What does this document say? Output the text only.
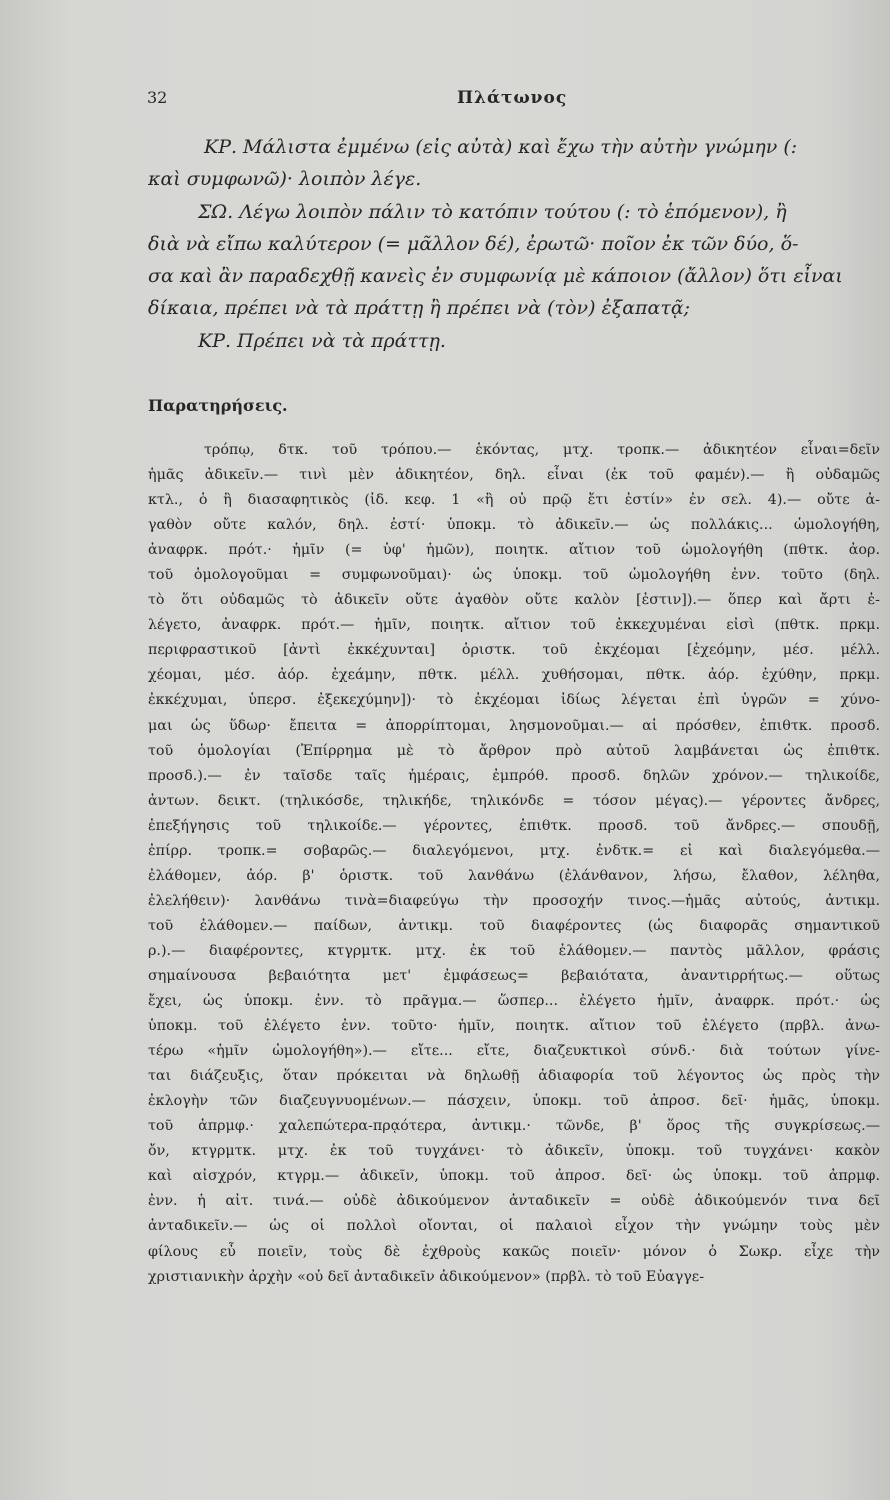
32	Πλάτωνος
ΚΡ. Μάλιστα ἐμμένω (εἰς αὐτὰ) καὶ ἔχω τὴν αὐτὴν γνώμην (:
καὶ συμφωνῶ)· λοιπὸν λέγε.
ΣΩ. Λέγω λοιπὸν πάλιν τὸ κατόπιν τούτου (: τὸ ἑπόμενον), ἢ
διὰ νὰ εἴπω καλύτερον (= μᾶλλον δέ), ἐρωτῶ· ποῖον ἐκ τῶν δύο, ὅ-
σα καὶ ἂν παραδεχθῇ κανεὶς ἐν συμφωνίᾳ μὲ κάποιον (ἄλλον) ὅτι εἶναι
δίκαια, πρέπει νὰ τὰ πράττῃ ἢ πρέπει νὰ (τὸν) ἐξαπατᾷ;
ΚΡ. Πρέπει νὰ τὰ πράττῃ.
Παρατηρήσεις.
τρόπῳ, δτκ. τοῦ τρόπου.— ἑκόντας, μτχ. τροπκ.— ἀδικητέον εἶναι=δεῖν
ἡμᾶς ἀδικεῖν.— τινὶ μὲν ἀδικητέον, δηλ. εἶναι (ἐκ τοῦ φαμέν).— ἢ οὐδαμῶς
κτλ., ὁ ἢ διασαφητικὸς (ἰδ. κεφ. 1 «ἢ οὐ πρῷ ἔτι ἐστίν» ἐν σελ. 4).— οὔτε ἀ-
γαθὸν οὔτε καλόν, δηλ. ἐστί· ὑποκμ. τὸ ἀδικεῖν.— ὡς πολλάκις... ὡμολογήθη,
ἀναφρκ. πρότ.· ἡμῖν (= ὑφ' ἡμῶν), ποιητκ. αἴτιον τοῦ ὡμολογήθη (πθτκ. ἀορ.
τοῦ ὁμολογοῦμαι = συμφωνοῦμαι)· ὡς ὑποκμ. τοῦ ὡμολογήθη ἐνν. τοῦτο (δηλ.
τὸ ὅτι οὐδαμῶς τὸ ἀδικεῖν οὔτε ἀγαθὸν οὔτε καλὸν [ἐστιν]).— ὅπερ καὶ ἄρτι ἐ-
λέγετο, ἀναφρκ. πρότ.— ἡμῖν, ποιητκ. αἴτιον τοῦ ἐκκεχυμέναι εἰσὶ (πθτκ. πρκμ.
περιφραστικοῦ [ἀντὶ ἐκκέχυνται] ὁριστκ. τοῦ ἐκχέομαι [ἐχεόμην, μέσ. μέλλ.
χέομαι, μέσ. ἀόρ. ἐχεάμην, πθτκ. μέλλ. χυθήσομαι, πθτκ. ἀόρ. ἐχύθην, πρκμ.
ἐκκέχυμαι, ὑπερσ. ἐξεκεχύμην])· τὸ ἐκχέομαι ἰδίως λέγεται ἐπὶ ὑγρῶν = χύνο-
μαι ὡς ὕδωρ· ἔπειτα = ἀπορρίπτομαι, λησμονοῦμαι.— αἱ πρόσθεν, ἐπιθτκ. προσδ.
τοῦ ὁμολογίαι (Ἐπίρρημα μὲ τὸ ἄρθρον πρὸ αὐτοῦ λαμβάνεται ὡς ἐπιθτκ.
προσδ.).— ἐν ταῖσδε ταῖς ἡμέραις, ἐμπρόθ. προσδ. δηλῶν χρόνον.— τηλικοίδε,
ἀντων. δεικτ. (τηλικόσδε, τηλικήδε, τηλικόνδε = τόσον μέγας).— γέροντες ἄνδρες,
ἐπεξήγησις τοῦ τηλικοίδε.— γέροντες, ἐπιθτκ. προσδ. τοῦ ἄνδρες.— σπουδῇ,
ἐπίρρ. τροπκ.= σοβαρῶς.— διαλεγόμενοι, μτχ. ἐνδτκ.= εἰ καὶ διαλεγόμεθα.—
ἐλάθομεν, ἀόρ. β' ὁριστκ. τοῦ λανθάνω (ἐλάνθανον, λήσω, ἔλαθον, λέληθα,
ἐλελήθειν)· λανθάνω τινὰ=διαφεύγω τὴν προσοχήν τινος.—ἡμᾶς αὐτούς, ἀντικμ.
τοῦ ἐλάθομεν.— παίδων, ἀντικμ. τοῦ διαφέροντες (ὡς διαφορᾶς σημαντικοῦ
ρ.).— διαφέροντες, κτγρμτκ. μτχ. ἐκ τοῦ ἐλάθομεν.— παντὸς μᾶλλον, φράσις
σημαίνουσα βεβαιότητα μετ' ἐμφάσεως= βεβαιότατα, ἀναντιρρήτως.— οὕτως
ἔχει, ὡς ὑποκμ. ἐνν. τὸ πρᾶγμα.— ὥσπερ... ἐλέγετο ἡμῖν, ἀναφρκ. πρότ.· ὡς
ὑποκμ. τοῦ ἐλέγετο ἐνν. τοῦτο· ἡμῖν, ποιητκ. αἴτιον τοῦ ἐλέγετο (πρβλ. ἀνω-
τέρω «ἡμῖν ὡμολογήθη»).— εἴτε... εἴτε, διαζευκτικοὶ σύνδ.· διὰ τούτων γίνε-
ται διάζευξις, ὅταν πρόκειται νὰ δηλωθῇ ἀδιαφορία τοῦ λέγοντος ὡς πρὸς τὴν
ἐκλογὴν τῶν διαζευγνυομένων.— πάσχειν, ὑποκμ. τοῦ ἀπροσ. δεῖ· ἡμᾶς, ὑποκμ.
τοῦ ἀπρμφ.· χαλεπώτερα-πρᾳότερα, ἀντικμ.· τῶνδε, β' ὅρος τῆς συγκρίσεως.—
ὄν, κτγρμτκ. μτχ. ἐκ τοῦ τυγχάνει· τὸ ἀδικεῖν, ὑποκμ. τοῦ τυγχάνει· κακὸν
καὶ αἰσχρόν, κτγρμ.— ἀδικεῖν, ὑποκμ. τοῦ ἀπροσ. δεῖ· ὡς ὑποκμ. τοῦ ἀπρμφ.
ἐνν. ἡ αἰτ. τινά.— οὐδὲ ἀδικούμενον ἀνταδικεῖν = οὐδὲ ἀδικούμενόν τινα δεῖ
ἀνταδικεῖν.— ὡς οἱ πολλοὶ οἴονται, οἱ παλαιοὶ εἶχον τὴν γνώμην τοὺς μὲν
φίλους εὖ ποιεῖν, τοὺς δὲ ἐχθροὺς κακῶς ποιεῖν· μόνον ὁ Σωκρ. εἶχε τὴν
χριστιανικὴν ἀρχὴν «οὐ δεῖ ἀνταδικεῖν ἀδικούμενον» (πρβλ. τὸ τοῦ Εὐαγγε-
